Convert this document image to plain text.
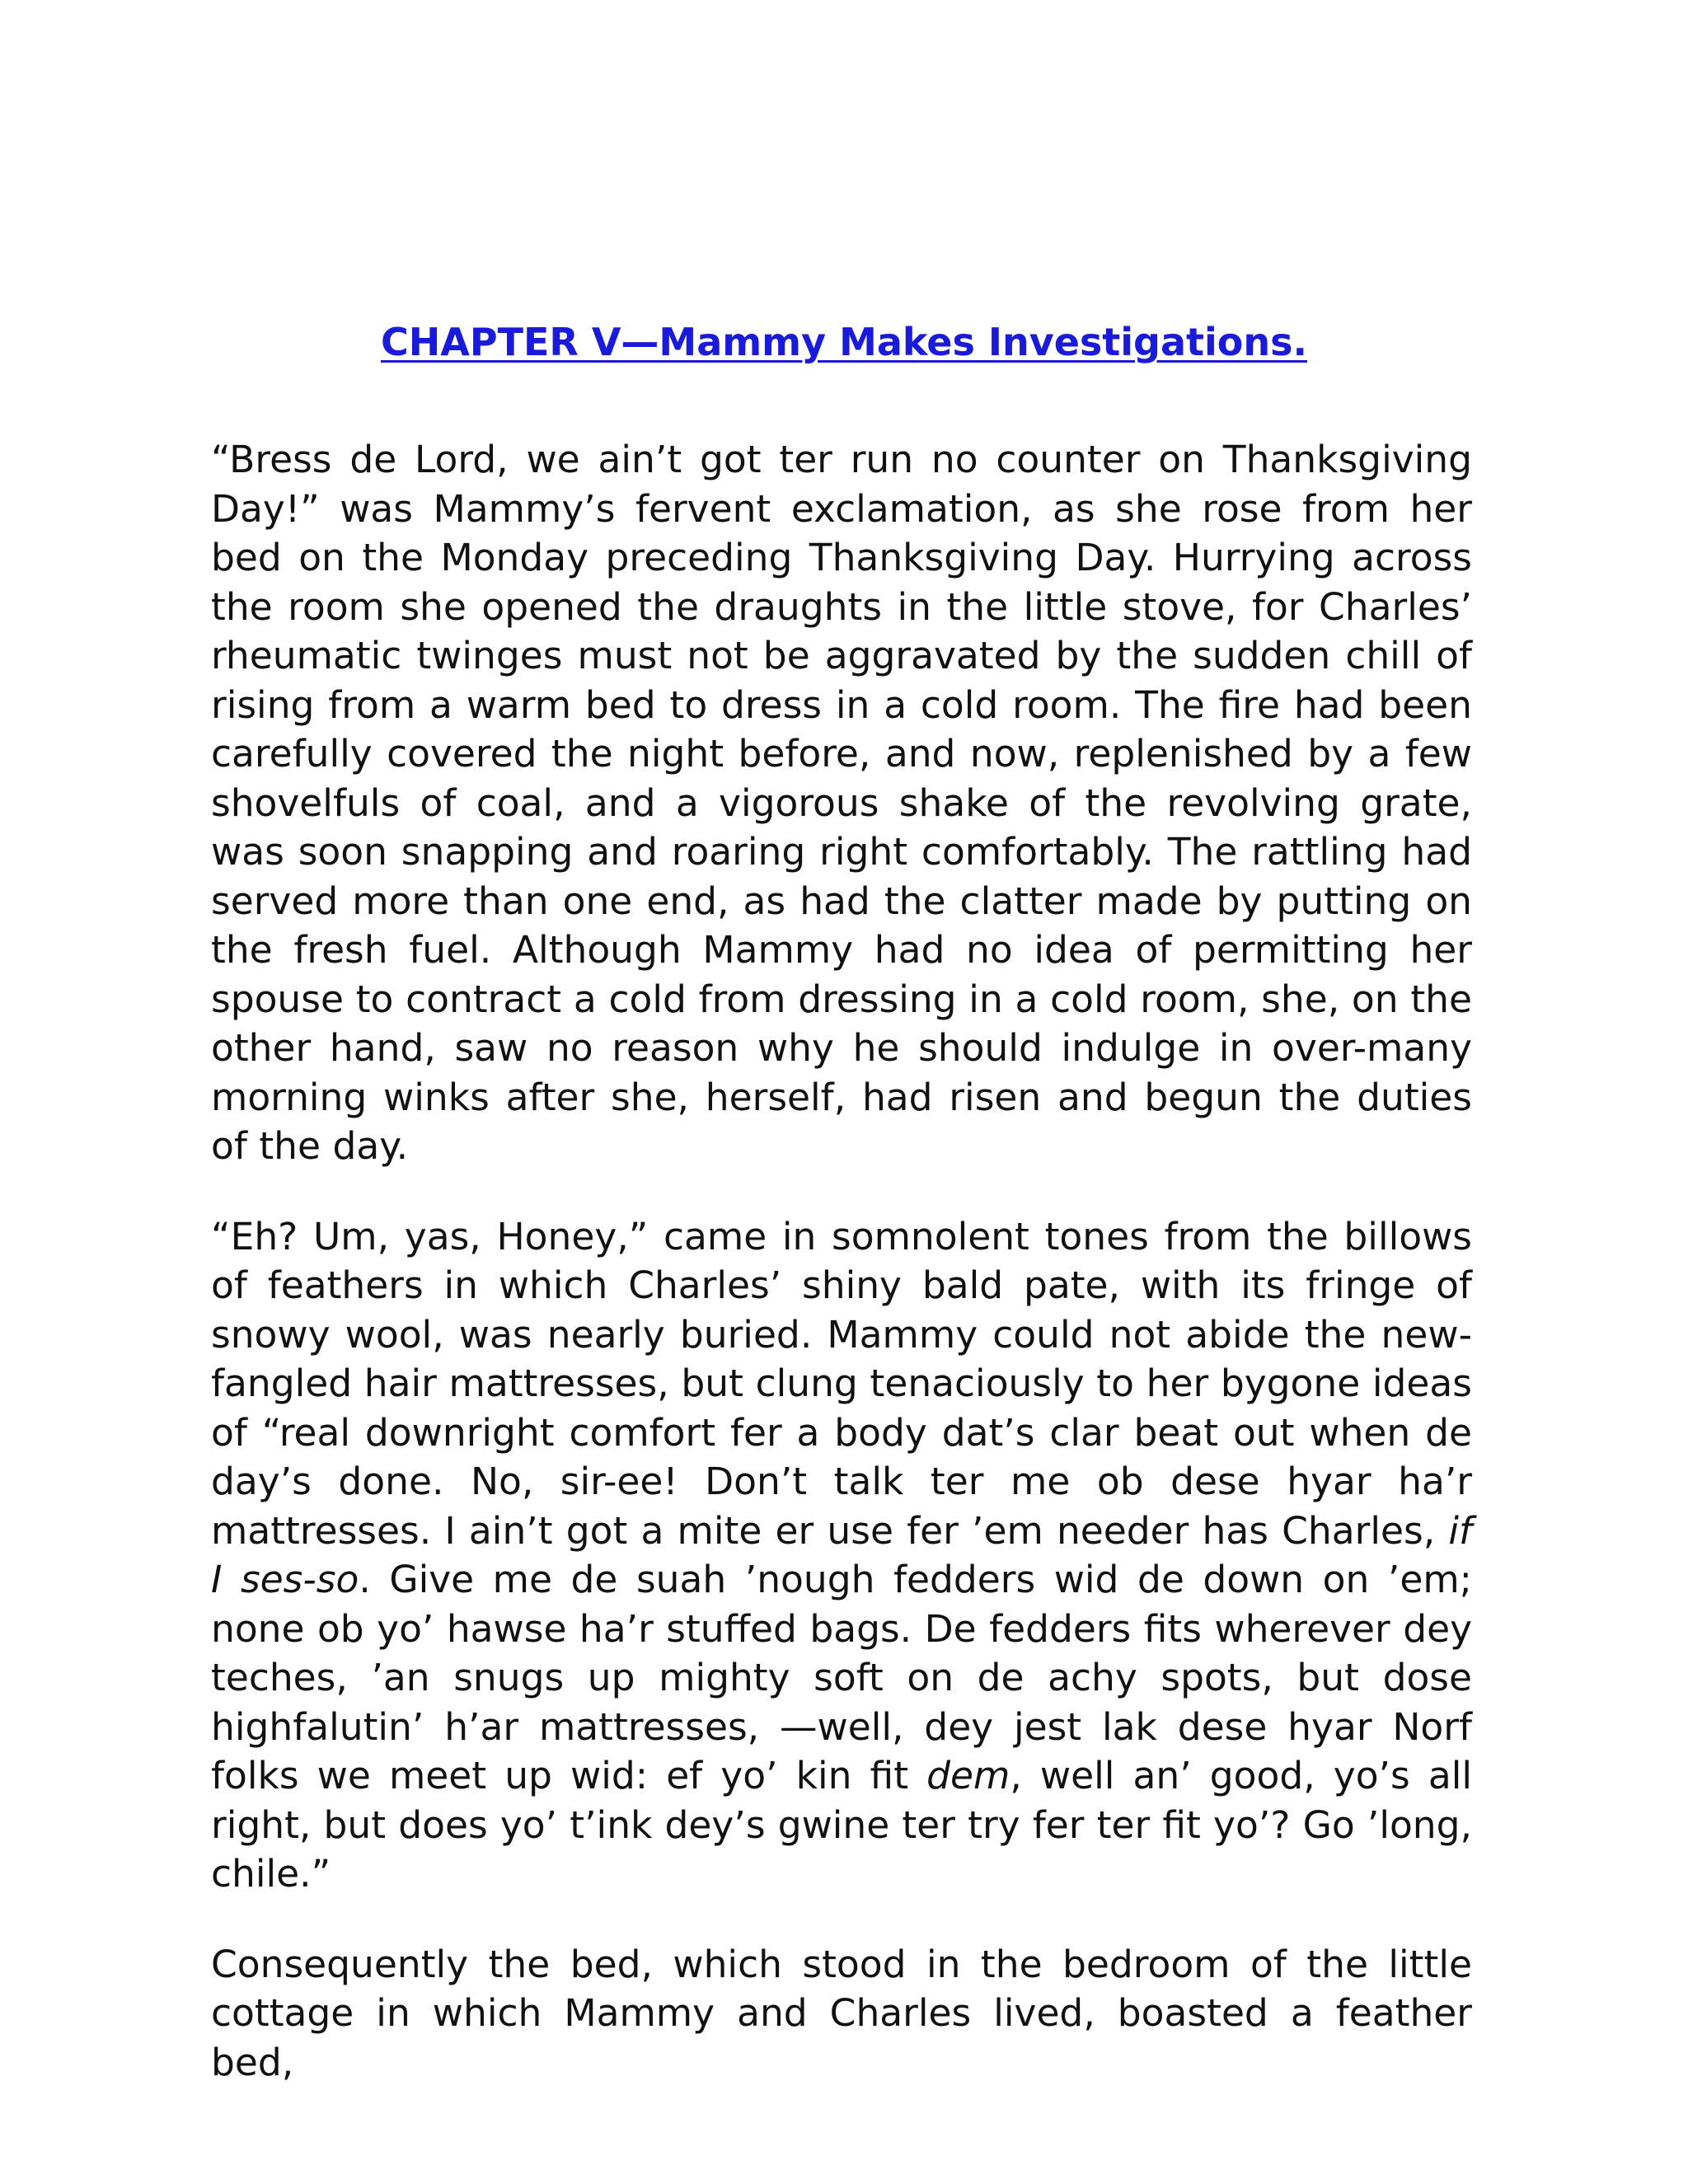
CHAPTER V—Mammy Makes Investigations.

“Bress de Lord, we ain’t got ter run no counter on Thanksgiving Day!” was Mammy’s fervent exclamation, as she rose from her bed on the Monday preceding Thanksgiving Day. Hurrying across the room she opened the draughts in the little stove, for Charles’ rheumatic twinges must not be aggravated by the sudden chill of rising from a warm bed to dress in a cold room. The fire had been carefully covered the night before, and now, replenished by a few shovelfuls of coal, and a vigorous shake of the revolving grate, was soon snapping and roaring right comfortably. The rattling had served more than one end, as had the clatter made by putting on the fresh fuel. Although Mammy had no idea of permitting her spouse to contract a cold from dressing in a cold room, she, on the other hand, saw no reason why he should indulge in over-many morning winks after she, herself, had risen and begun the duties of the day.

“Eh? Um, yas, Honey,” came in somnolent tones from the billows of feathers in which Charles’ shiny bald pate, with its fringe of snowy wool, was nearly buried. Mammy could not abide the new-fangled hair mattresses, but clung tenaciously to her bygone ideas of “real downright comfort fer a body dat’s clar beat out when de day’s done. No, sir-ee! Don’t talk ter me ob dese hyar ha’r mattresses. I ain’t got a mite er use fer ’em needer has Charles, if I ses-so. Give me de suah ’nough fedders wid de down on ’em; none ob yo’ hawse ha’r stuffed bags. De fedders fits wherever dey teches, ’an snugs up mighty soft on de achy spots, but dose highfalutin’ h’ar mattresses, —well, dey jest lak dese hyar Norf folks we meet up wid: ef yo’ kin fit dem, well an’ good, yo’s all right, but does yo’ t’ink dey’s gwine ter try fer ter fit yo’? Go ’long, chile.”

Consequently the bed, which stood in the bedroom of the little cottage in which Mammy and Charles lived, boasted a feather bed,
